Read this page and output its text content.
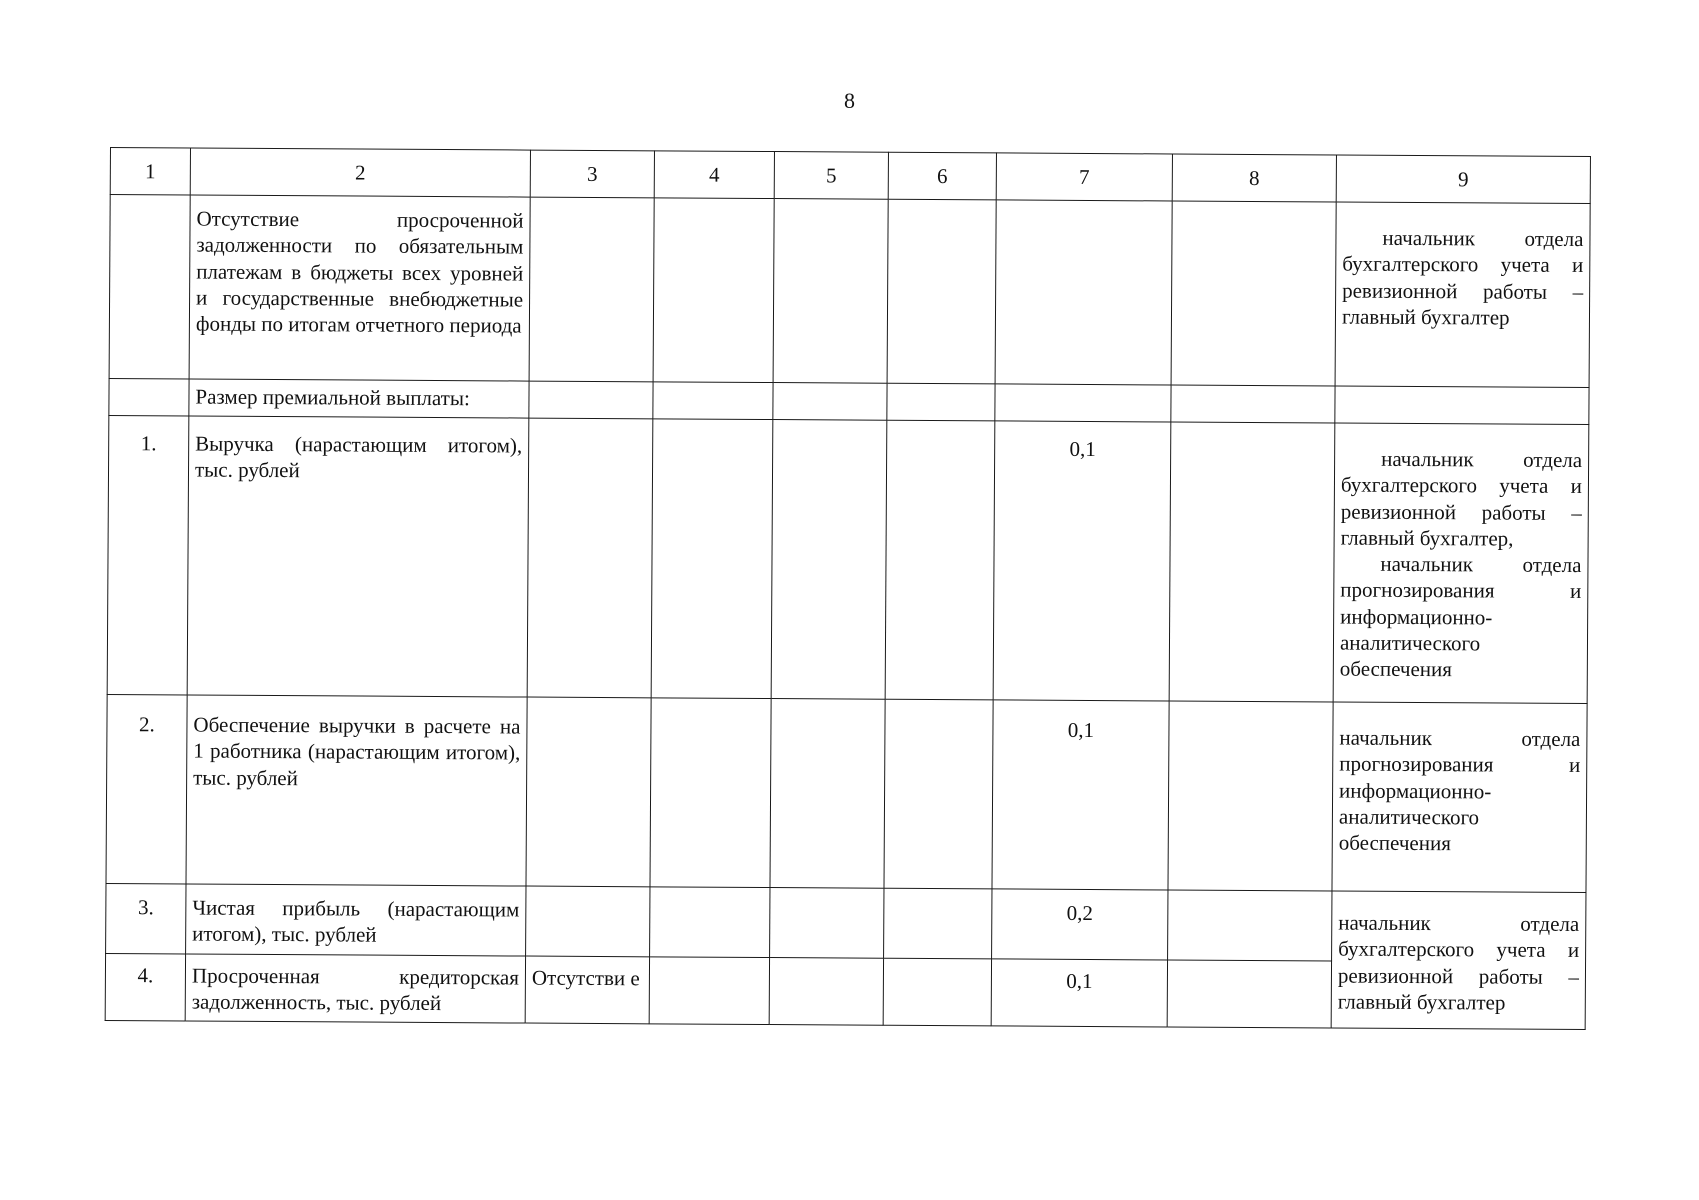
8
1	2	3	4	5	6	7	8	9
	Отсутствие просроченной задолженности по обязательным платежам в бюджеты всех уровней и государственные внебюджетные фонды по итогам отчетного периода							начальник отдела бухгалтерского учета и ревизионной работы – главный бухгалтер
	Размер премиальной выплаты:							
1.	Выручка (нарастающим итогом), тыс. рублей					0,1		начальник отдела бухгалтерского учета и ревизионной работы – главный бухгалтер,
начальник отдела прогнозирования и информационно-аналитического обеспечения

2.	Обеспечение выручки в расчете на 1 работника (нарастающим итогом), тыс. рублей					0,1		начальник отдела прогнозирования и информационно-аналитического обеспечения
3.	Чистая прибыль (нарастающим итогом), тыс. рублей					0,2		начальник отдела бухгалтерского учета и ревизионной работы – главный бухгалтер
4.	Просроченная кредиторская задолженность, тыс. рублей	Отсутстви е				0,1		
